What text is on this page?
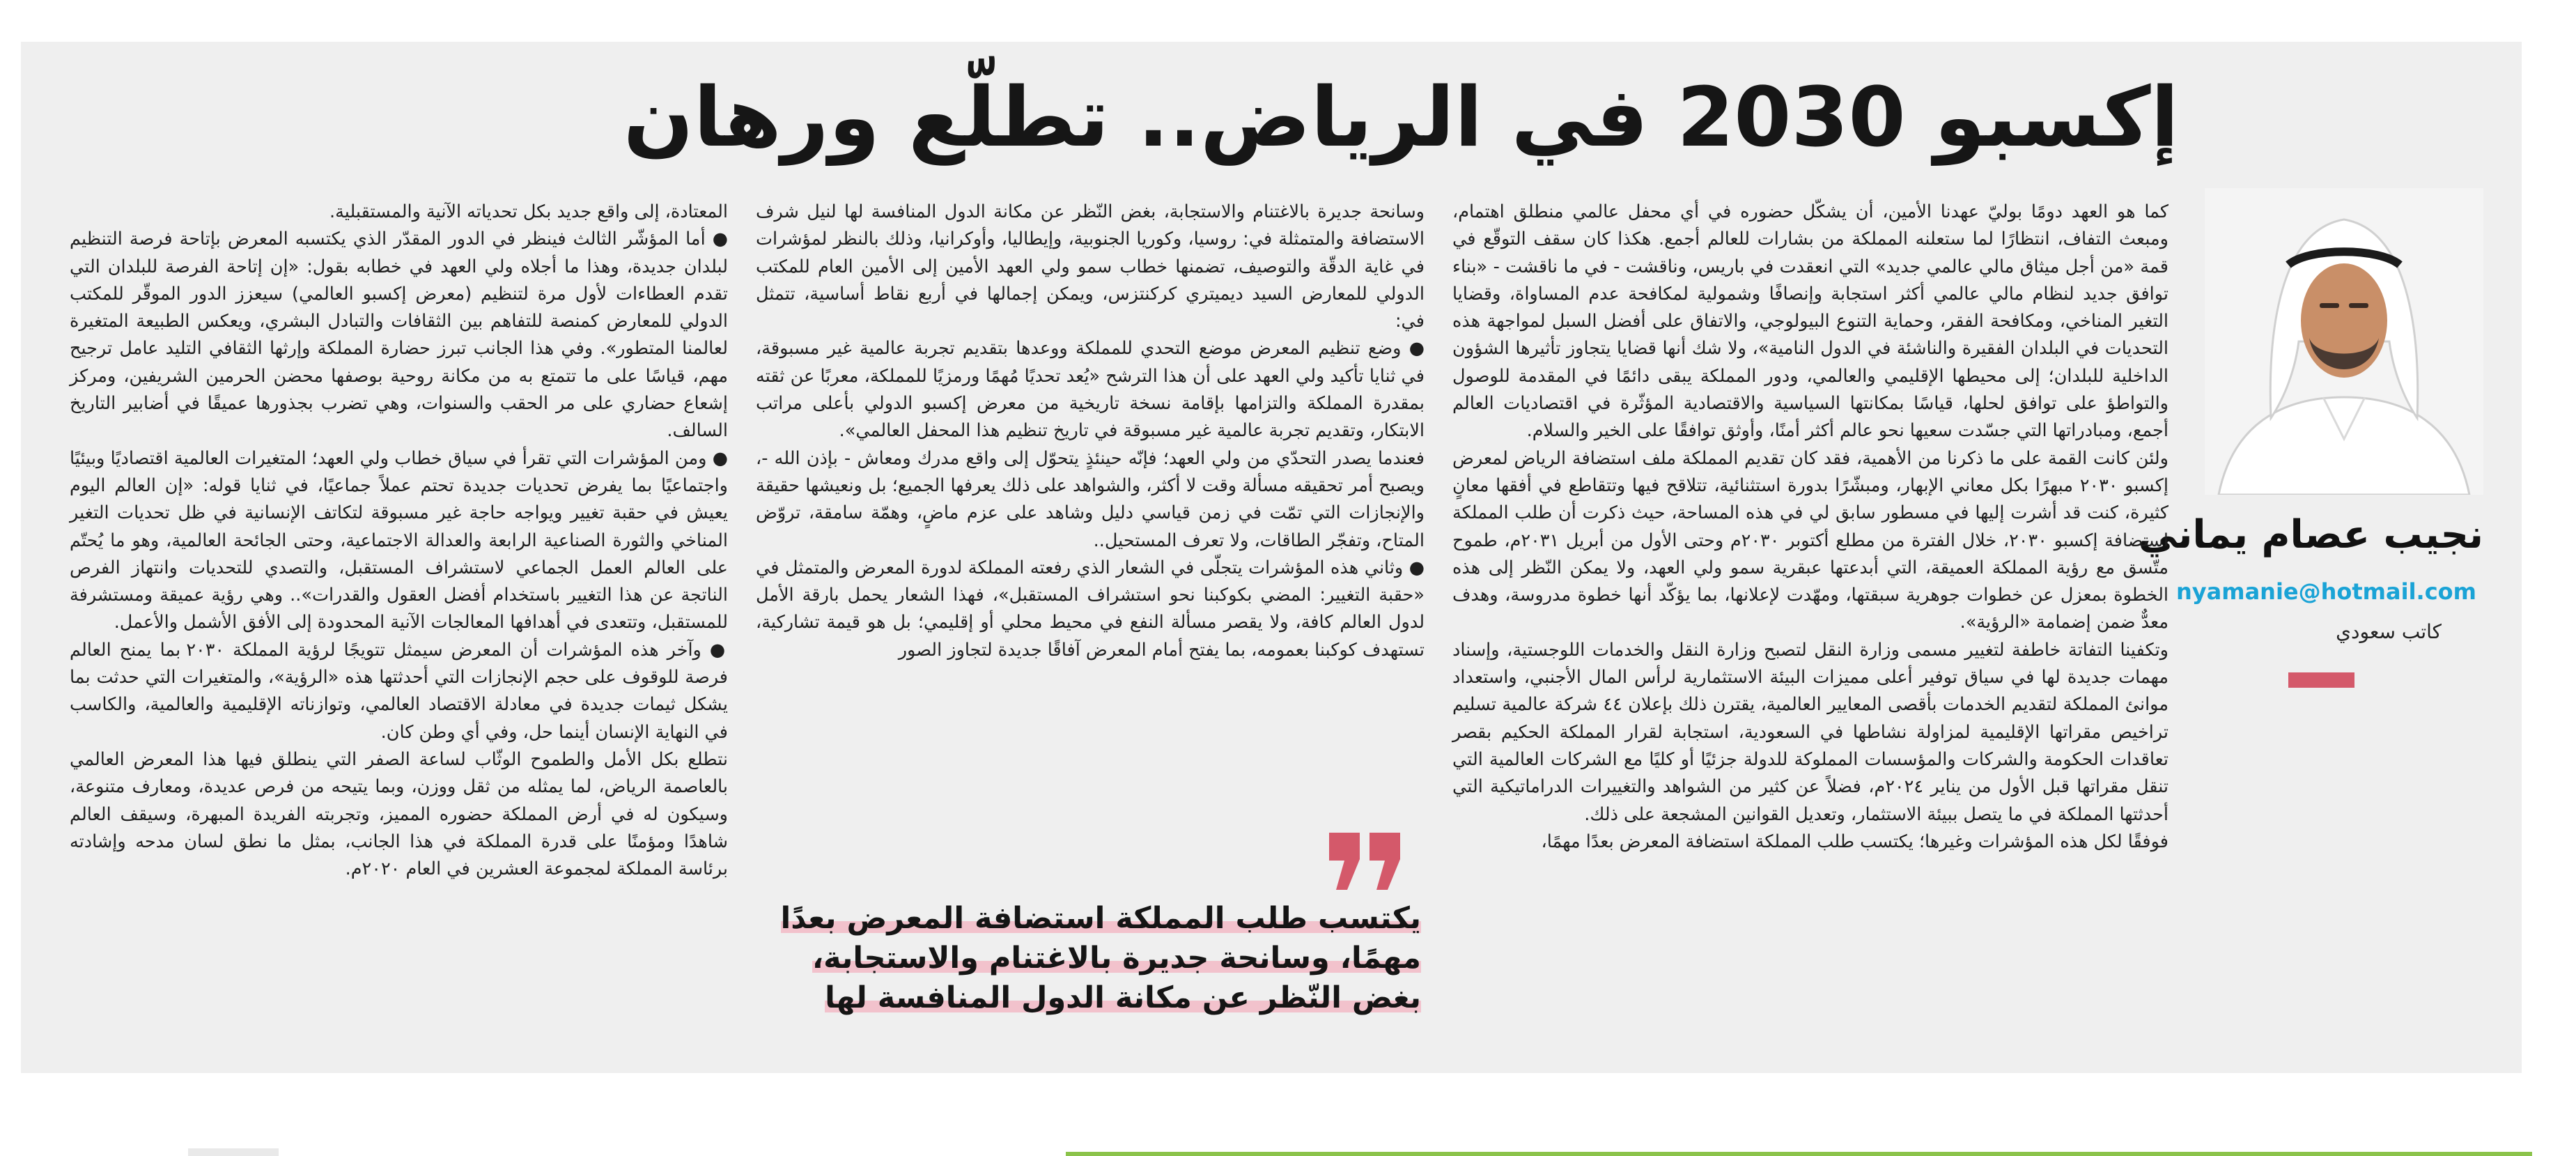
إكسبو 2030 في الرياض.. تطلّع ورهان
نجيب عصام يماني
nyamanie@hotmail.com
كاتب سعودي

كما هو العهد دومًا بوليّ عهدنا الأمين، أن يشكّل حضوره في أي محفل عالمي منطلق اهتمام، ومبعث التفاف، انتظارًا لما ستعلنه المملكة من بشارات للعالم أجمع. هكذا كان سقف التوقّع في قمة «من أجل ميثاق مالي عالمي جديد» التي انعقدت في باريس، وناقشت - في ما ناقشت - «بناء توافق جديد لنظام مالي عالمي أكثر استجابة وإنصافًا وشمولية لمكافحة عدم المساواة، وقضايا التغير المناخي، ومكافحة الفقر، وحماية التنوع البيولوجي، والاتفاق على أفضل السبل لمواجهة هذه التحديات في البلدان الفقيرة والناشئة في الدول النامية»، ولا شك أنها قضايا يتجاوز تأثيرها الشؤون الداخلية للبلدان؛ إلى محيطها الإقليمي والعالمي، ودور المملكة يبقى دائمًا في المقدمة للوصول والتواطؤ على توافق لحلها، قياسًا بمكانتها السياسية والاقتصادية المؤثّرة في اقتصاديات العالم أجمع، ومبادراتها التي جسّدت سعيها نحو عالم أكثر أمنًا، وأوثق توافقًا على الخير والسلام.

ولئن كانت القمة على ما ذكرنا من الأهمية، فقد كان تقديم المملكة ملف استضافة الرياض لمعرض إكسبو ٢٠٣٠ مبهرًا بكل معاني الإبهار، ومبشّرًا بدورة استثنائية، تتلاقح فيها وتتقاطع في أفقها معانٍ كثيرة، كنت قد أشرت إليها في مسطور سابق لي في هذه المساحة، حيث ذكرت أن طلب المملكة استضافة إكسبو ٢٠٣٠، خلال الفترة من مطلع أكتوبر ٢٠٣٠م وحتى الأول من أبريل ٢٠٣١م، طموح متّسق مع رؤية المملكة العميقة، التي أبدعتها عبقرية سمو ولي العهد، ولا يمكن النّظر إلى هذه الخطوة بمعزل عن خطوات جوهرية سبقتها، ومهّدت لإعلانها، بما يؤكّد أنها خطوة مدروسة، وهدف معدٌّ ضمن إضمامة «الرؤية».

وتكفينا التفاتة خاطفة لتغيير مسمى وزارة النقل لتصبح وزارة النقل والخدمات اللوجستية، وإسناد مهمات جديدة لها في سياق توفير أعلى مميزات البيئة الاستثمارية لرأس المال الأجنبي، واستعداد موانئ المملكة لتقديم الخدمات بأقصى المعايير العالمية، يقترن ذلك بإعلان ٤٤ شركة عالمية تسليم تراخيص مقراتها الإقليمية لمزاولة نشاطها في السعودية، استجابة لقرار المملكة الحكيم بقصر تعاقدات الحكومة والشركات والمؤسسات المملوكة للدولة جزئيًا أو كليًا مع الشركات العالمية التي تنقل مقراتها قبل الأول من يناير ٢٠٢٤م، فضلاً عن كثير من الشواهد والتغييرات الدراماتيكية التي أحدثتها المملكة في ما يتصل ببيئة الاستثمار، وتعديل القوانين المشجعة على ذلك.

فوفقًا لكل هذه المؤشرات وغيرها؛ يكتسب طلب المملكة استضافة المعرض بعدًا مهمًا،

وسانحة جديرة بالاغتنام والاستجابة، بغض النّظر عن مكانة الدول المنافسة لها لنيل شرف الاستضافة والمتمثلة في: روسيا، وكوريا الجنوبية، وإيطاليا، وأوكرانيا، وذلك بالنظر لمؤشرات في غاية الدقّة والتوصيف، تضمنها خطاب سمو ولي العهد الأمين إلى الأمين العام للمكتب الدولي للمعارض السيد ديميتري كركنتزس، ويمكن إجمالها في أربع نقاط أساسية، تتمثل في:

● وضع تنظيم المعرض موضع التحدي للمملكة ووعدها بتقديم تجربة عالمية غير مسبوقة، في ثنايا تأكيد ولي العهد على أن هذا الترشح «يُعد تحديًا مُهمًا ورمزيًا للمملكة، معربًا عن ثقته بمقدرة المملكة والتزامها بإقامة نسخة تاريخية من معرض إكسبو الدولي بأعلى مراتب الابتكار، وتقديم تجربة عالمية غير مسبوقة في تاريخ تنظيم هذا المحفل العالمي».

فعندما يصدر التحدّي من ولي العهد؛ فإنّه حينئذٍ يتحوّل إلى واقع مدرك ومعاش - بإذن الله -، ويصبح أمر تحقيقه مسألة وقت لا أكثر، والشواهد على ذلك يعرفها الجميع؛ بل ونعيشها حقيقة والإنجازات التي تمّت في زمن قياسي دليل وشاهد على عزم ماضٍ، وهمّة سامقة، تروّض المتاح، وتفجّر الطاقات، ولا تعرف المستحيل..

● وثاني هذه المؤشرات يتجلّى في الشعار الذي رفعته المملكة لدورة المعرض والمتمثل في «حقبة التغيير: المضي بكوكبنا نحو استشراف المستقبل»، فهذا الشعار يحمل بارقة الأمل لدول العالم كافة، ولا يقصر مسألة النفع في محيط محلي أو إقليمي؛ بل هو قيمة تشاركية، تستهدف كوكبنا بعمومه، بما يفتح أمام المعرض آفاقًا جديدة لتجاوز الصور

يكتسب طلب المملكة استضافة المعرض بعدًا مهمًا، وسانحة جديرة بالاغتنام والاستجابة، بغض النّظر عن مكانة الدول المنافسة لها

المعتادة، إلى واقع جديد بكل تحدياته الآنية والمستقبلية.

● أما المؤشّر الثالث فينظر في الدور المقدّر الذي يكتسبه المعرض بإتاحة فرصة التنظيم لبلدان جديدة، وهذا ما أجلاه ولي العهد في خطابه بقول: «إن إتاحة الفرصة للبلدان التي تقدم العطاءات لأول مرة لتنظيم (معرض إكسبو العالمي) سيعزز الدور الموقّر للمكتب الدولي للمعارض كمنصة للتفاهم بين الثقافات والتبادل البشري، ويعكس الطبيعة المتغيرة لعالمنا المتطور». وفي هذا الجانب تبرز حضارة المملكة وإرثها الثقافي التليد عامل ترجيح مهم، قياسًا على ما تتمتع به من مكانة روحية بوصفها محضن الحرمين الشريفين، ومركز إشعاع حضاري على مر الحقب والسنوات، وهي تضرب بجذورها عميقًا في أضابير التاريخ السالف.

● ومن المؤشرات التي تقرأ في سياق خطاب ولي العهد؛ المتغيرات العالمية اقتصاديًا وبيئيًا واجتماعيًا بما يفرض تحديات جديدة تحتم عملاً جماعيًا، في ثنايا قوله: «إن العالم اليوم يعيش في حقبة تغيير ويواجه حاجة غير مسبوقة لتكاتف الإنسانية في ظل تحديات التغير المناخي والثورة الصناعية الرابعة والعدالة الاجتماعية، وحتى الجائحة العالمية، وهو ما يُحتّم على العالم العمل الجماعي لاستشراف المستقبل، والتصدي للتحديات وانتهاز الفرص الناتجة عن هذا التغيير باستخدام أفضل العقول والقدرات».. وهي رؤية عميقة ومستشرفة للمستقبل، وتتعدى في أهدافها المعالجات الآنية المحدودة إلى الأفق الأشمل والأعمل.

● وآخر هذه المؤشرات أن المعرض سيمثل تتويجًا لرؤية المملكة ٢٠٣٠ بما يمنح العالم فرصة للوقوف على حجم الإنجازات التي أحدثتها هذه «الرؤية»، والمتغيرات التي حدثت بما يشكل ثيمات جديدة في معادلة الاقتصاد العالمي، وتوازناته الإقليمية والعالمية، والكاسب في النهاية الإنسان أينما حل، وفي أي وطن كان.

نتطلع بكل الأمل والطموح الوثّاب لساعة الصفر التي ينطلق فيها هذا المعرض العالمي بالعاصمة الرياض، لما يمثله من ثقل ووزن، وبما يتيحه من فرص عديدة، ومعارف متنوعة، وسيكون له في أرض المملكة حضوره المميز، وتجربته الفريدة المبهرة، وسيقف العالم شاهدًا ومؤمنًا على قدرة المملكة في هذا الجانب، بمثل ما نطق لسان مدحه وإشادته برئاسة المملكة لمجموعة العشرين في العام ٢٠٢٠م.
